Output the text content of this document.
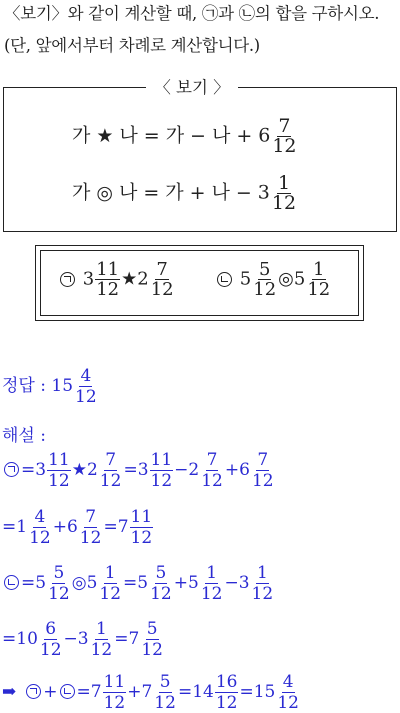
〈보기〉와 같이 계산할 때, ㉠과 ㉡의 합을 구하시오.
(단, 앞에서부터 차례로 계산합니다.)
〈 보기 〉
가 ★ 나 = 가 − 나 + $6 \frac{7}{12}$
가 ◎ 나 = 가 + 나 − $3 \frac{1}{12}$
$3 \frac{11}{12}$ ★2 $\frac{7}{12}$	$5 \frac{5}{12}$ ◎5 $\frac{1}{12}$
정답 : $15 \frac{4}{12}$
해설 :
$=3 \frac{11}{12}$ ★2 $\frac{7}{12} =3 \frac{11}{12} -2 \frac{7}{12} +6 \frac{7}{12}$
$=1 \frac{4}{12} +6 \frac{7}{12} =7 \frac{11}{12}$
$=5 \frac{5}{12}$ ◎5 $\frac{1}{12} =5 \frac{5}{12} +5 \frac{1}{12} -3 \frac{1}{12}$
$=10 \frac{6}{12} -3 \frac{1}{12} =7 \frac{5}{12}$
➡ + $=7 \frac{11}{12} +7 \frac{5}{12} =14 \frac{16}{12} =15 \frac{4}{12}$
